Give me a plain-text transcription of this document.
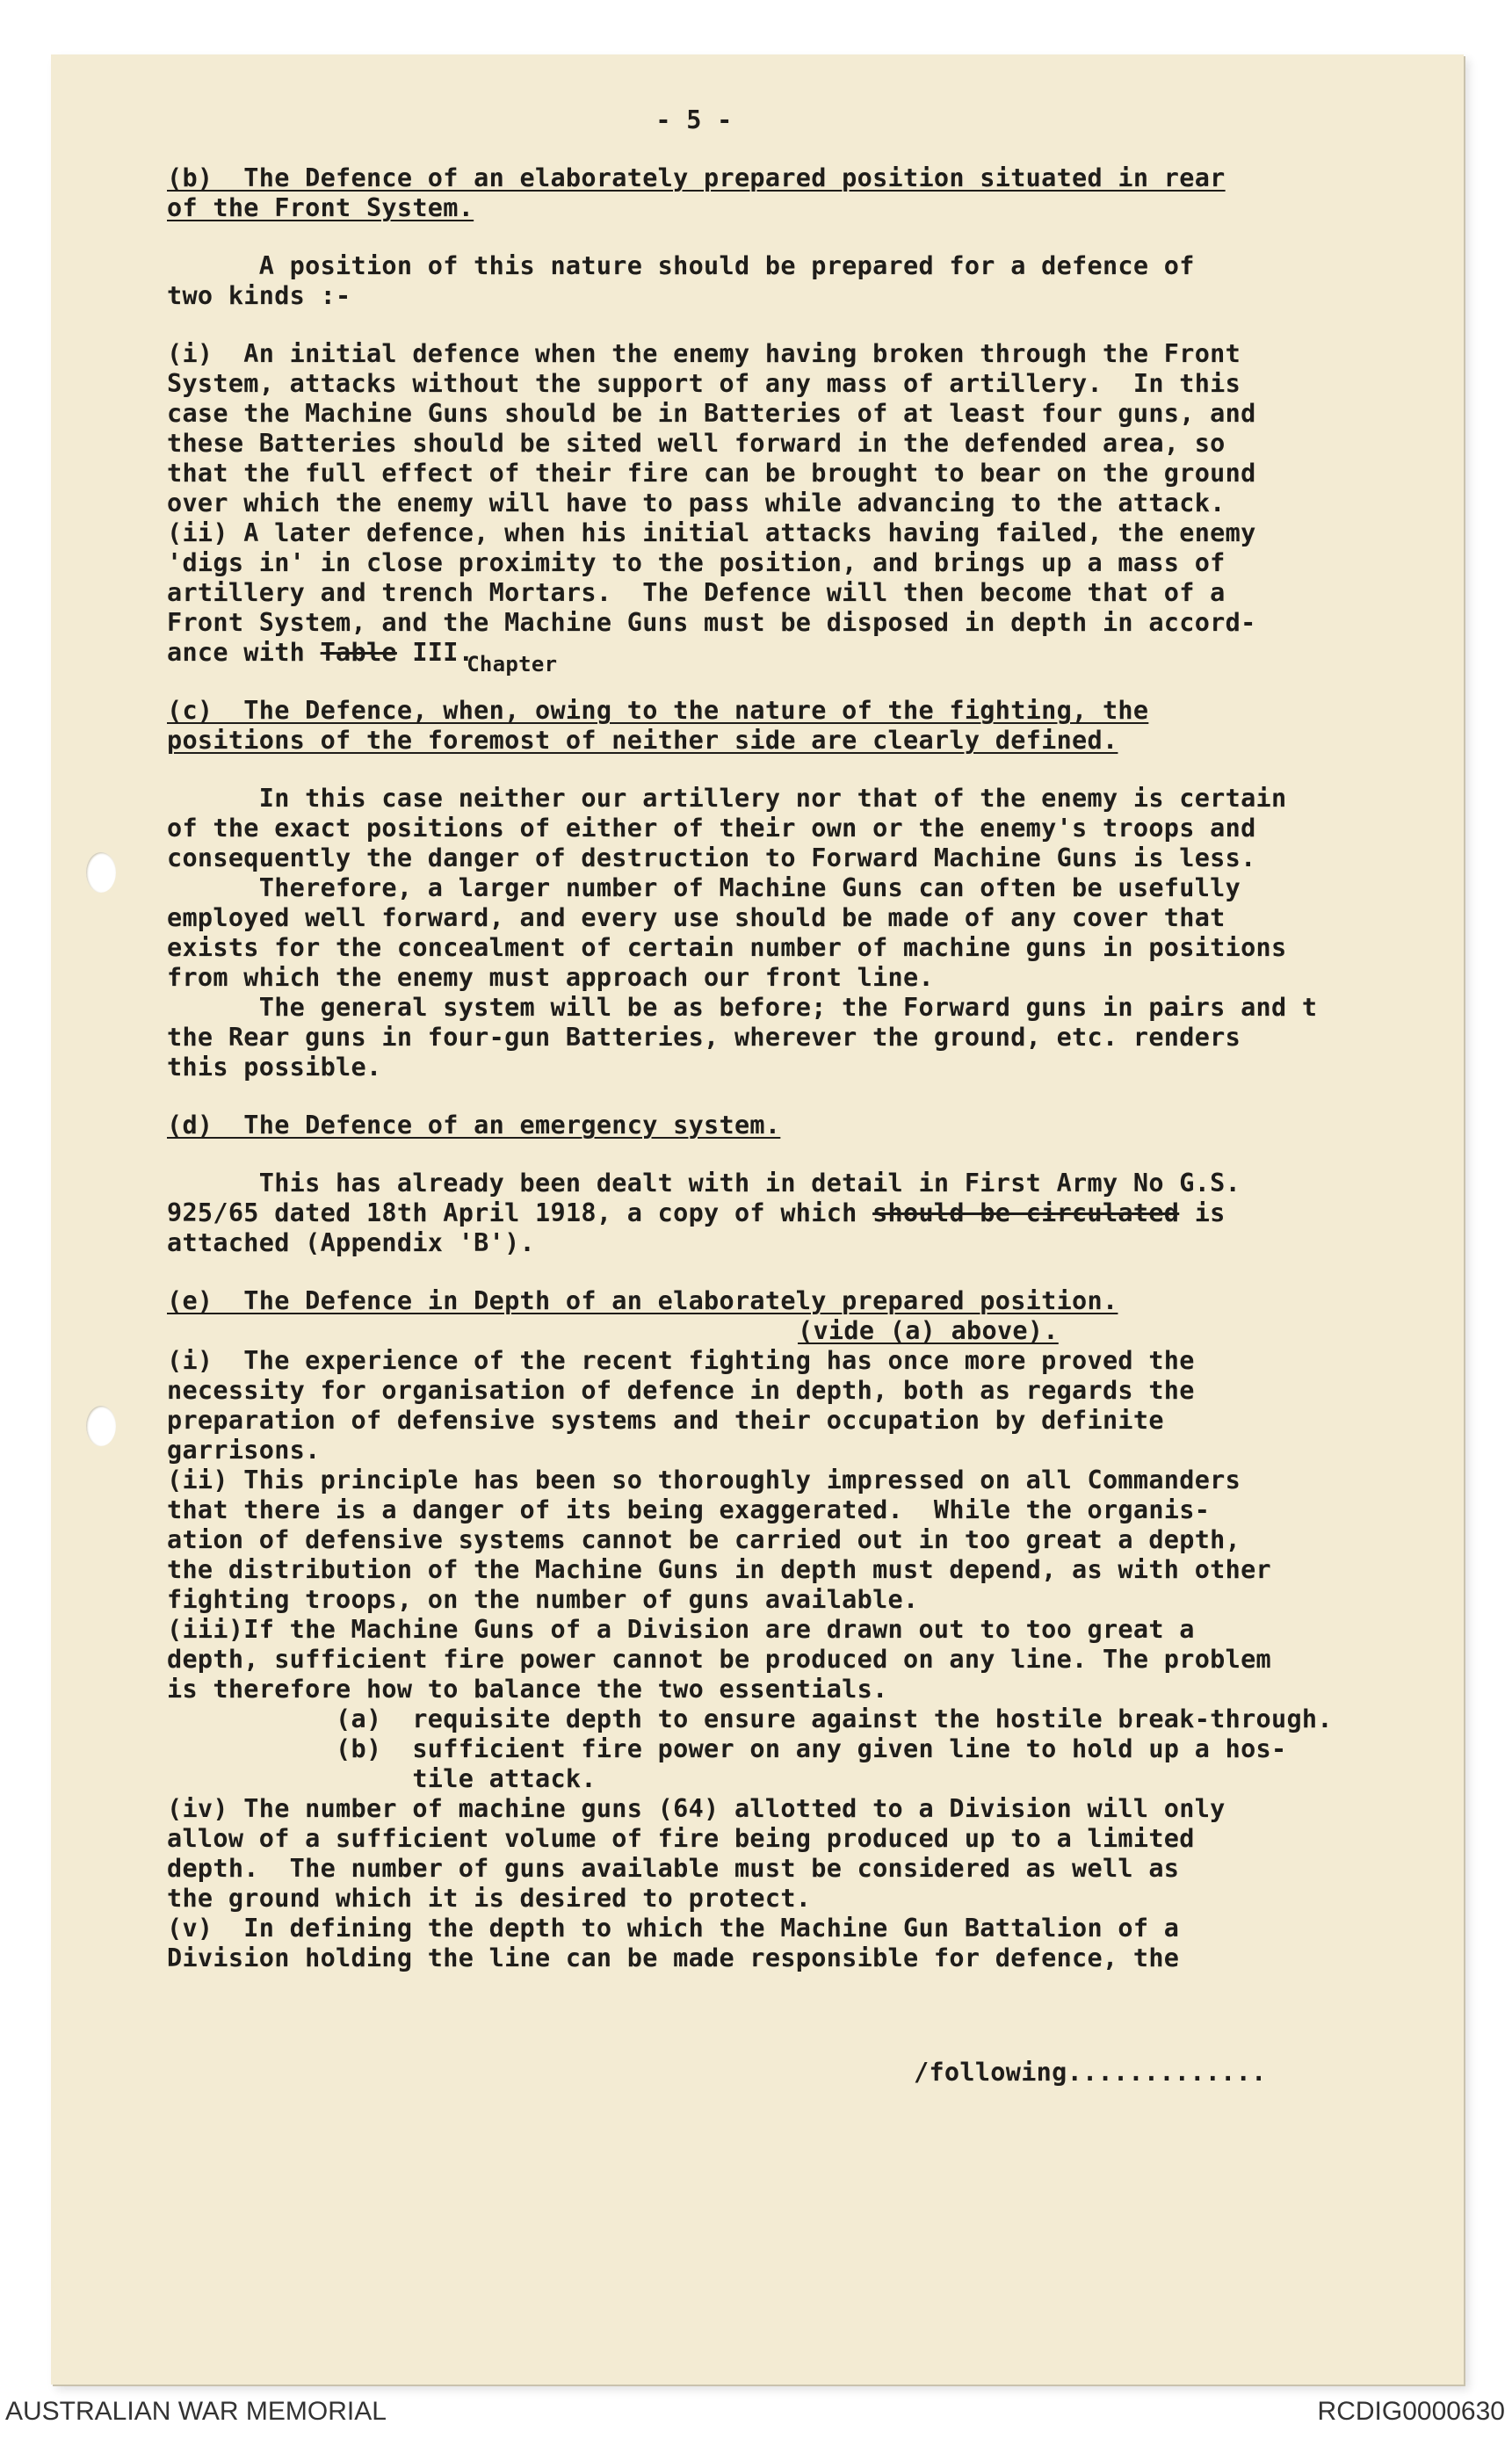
- 5 -
(b)  The Defence of an elaborately prepared position situated in rear
of the Front System.
A position of this nature should be prepared for a defence of
two kinds :-
(i)  An initial defence when the enemy having broken through the Front
System, attacks without the support of any mass of artillery.  In this
case the Machine Guns should be in Batteries of at least four guns, and
these Batteries should be sited well forward in the defended area, so
that the full effect of their fire can be brought to bear on the ground
over which the enemy will have to pass while advancing to the attack.
(ii) A later defence, when his initial attacks having failed, the enemy
'digs in' in close proximity to the position, and brings up a mass of
artillery and trench Mortars.  The Defence will then become that of a
Front System, and the Machine Guns must be disposed in depth in accord-
ance with Table III.Chapter
(c)  The Defence, when, owing to the nature of the fighting, the
positions of the foremost of neither side are clearly defined.
In this case neither our artillery nor that of the enemy is certain
of the exact positions of either of their own or the enemy's troops and
consequently the danger of destruction to Forward Machine Guns is less.
Therefore, a larger number of Machine Guns can often be usefully
employed well forward, and every use should be made of any cover that
exists for the concealment of certain number of machine guns in positions
from which the enemy must approach our front line.
The general system will be as before; the Forward guns in pairs and t
the Rear guns in four-gun Batteries, wherever the ground, etc. renders
this possible.
(d)  The Defence of an emergency system.
This has already been dealt with in detail in First Army No G.S.
925/65 dated 18th April 1918, a copy of which should be circulated is
attached (Appendix 'B').
(e)  The Defence in Depth of an elaborately prepared position.
(vide (a) above).
(i)  The experience of the recent fighting has once more proved the
necessity for organisation of defence in depth, both as regards the
preparation of defensive systems and their occupation by definite
garrisons.
(ii) This principle has been so thoroughly impressed on all Commanders
that there is a danger of its being exaggerated.  While the organis-
ation of defensive systems cannot be carried out in too great a depth,
the distribution of the Machine Guns in depth must depend, as with other
fighting troops, on the number of guns available.
(iii)If the Machine Guns of a Division are drawn out to too great a
depth, sufficient fire power cannot be produced on any line. The problem
is therefore how to balance the two essentials.
(a)  requisite depth to ensure against the hostile break-through.
(b)  sufficient fire power on any given line to hold up a hos-
tile attack.
(iv) The number of machine guns (64) allotted to a Division will only
allow of a sufficient volume of fire being produced up to a limited
depth.  The number of guns available must be considered as well as
the ground which it is desired to protect.
(v)  In defining the depth to which the Machine Gun Battalion of a
Division holding the line can be made responsible for defence, the
/following.............
AUSTRALIAN WAR MEMORIAL	RCDIG0000630
